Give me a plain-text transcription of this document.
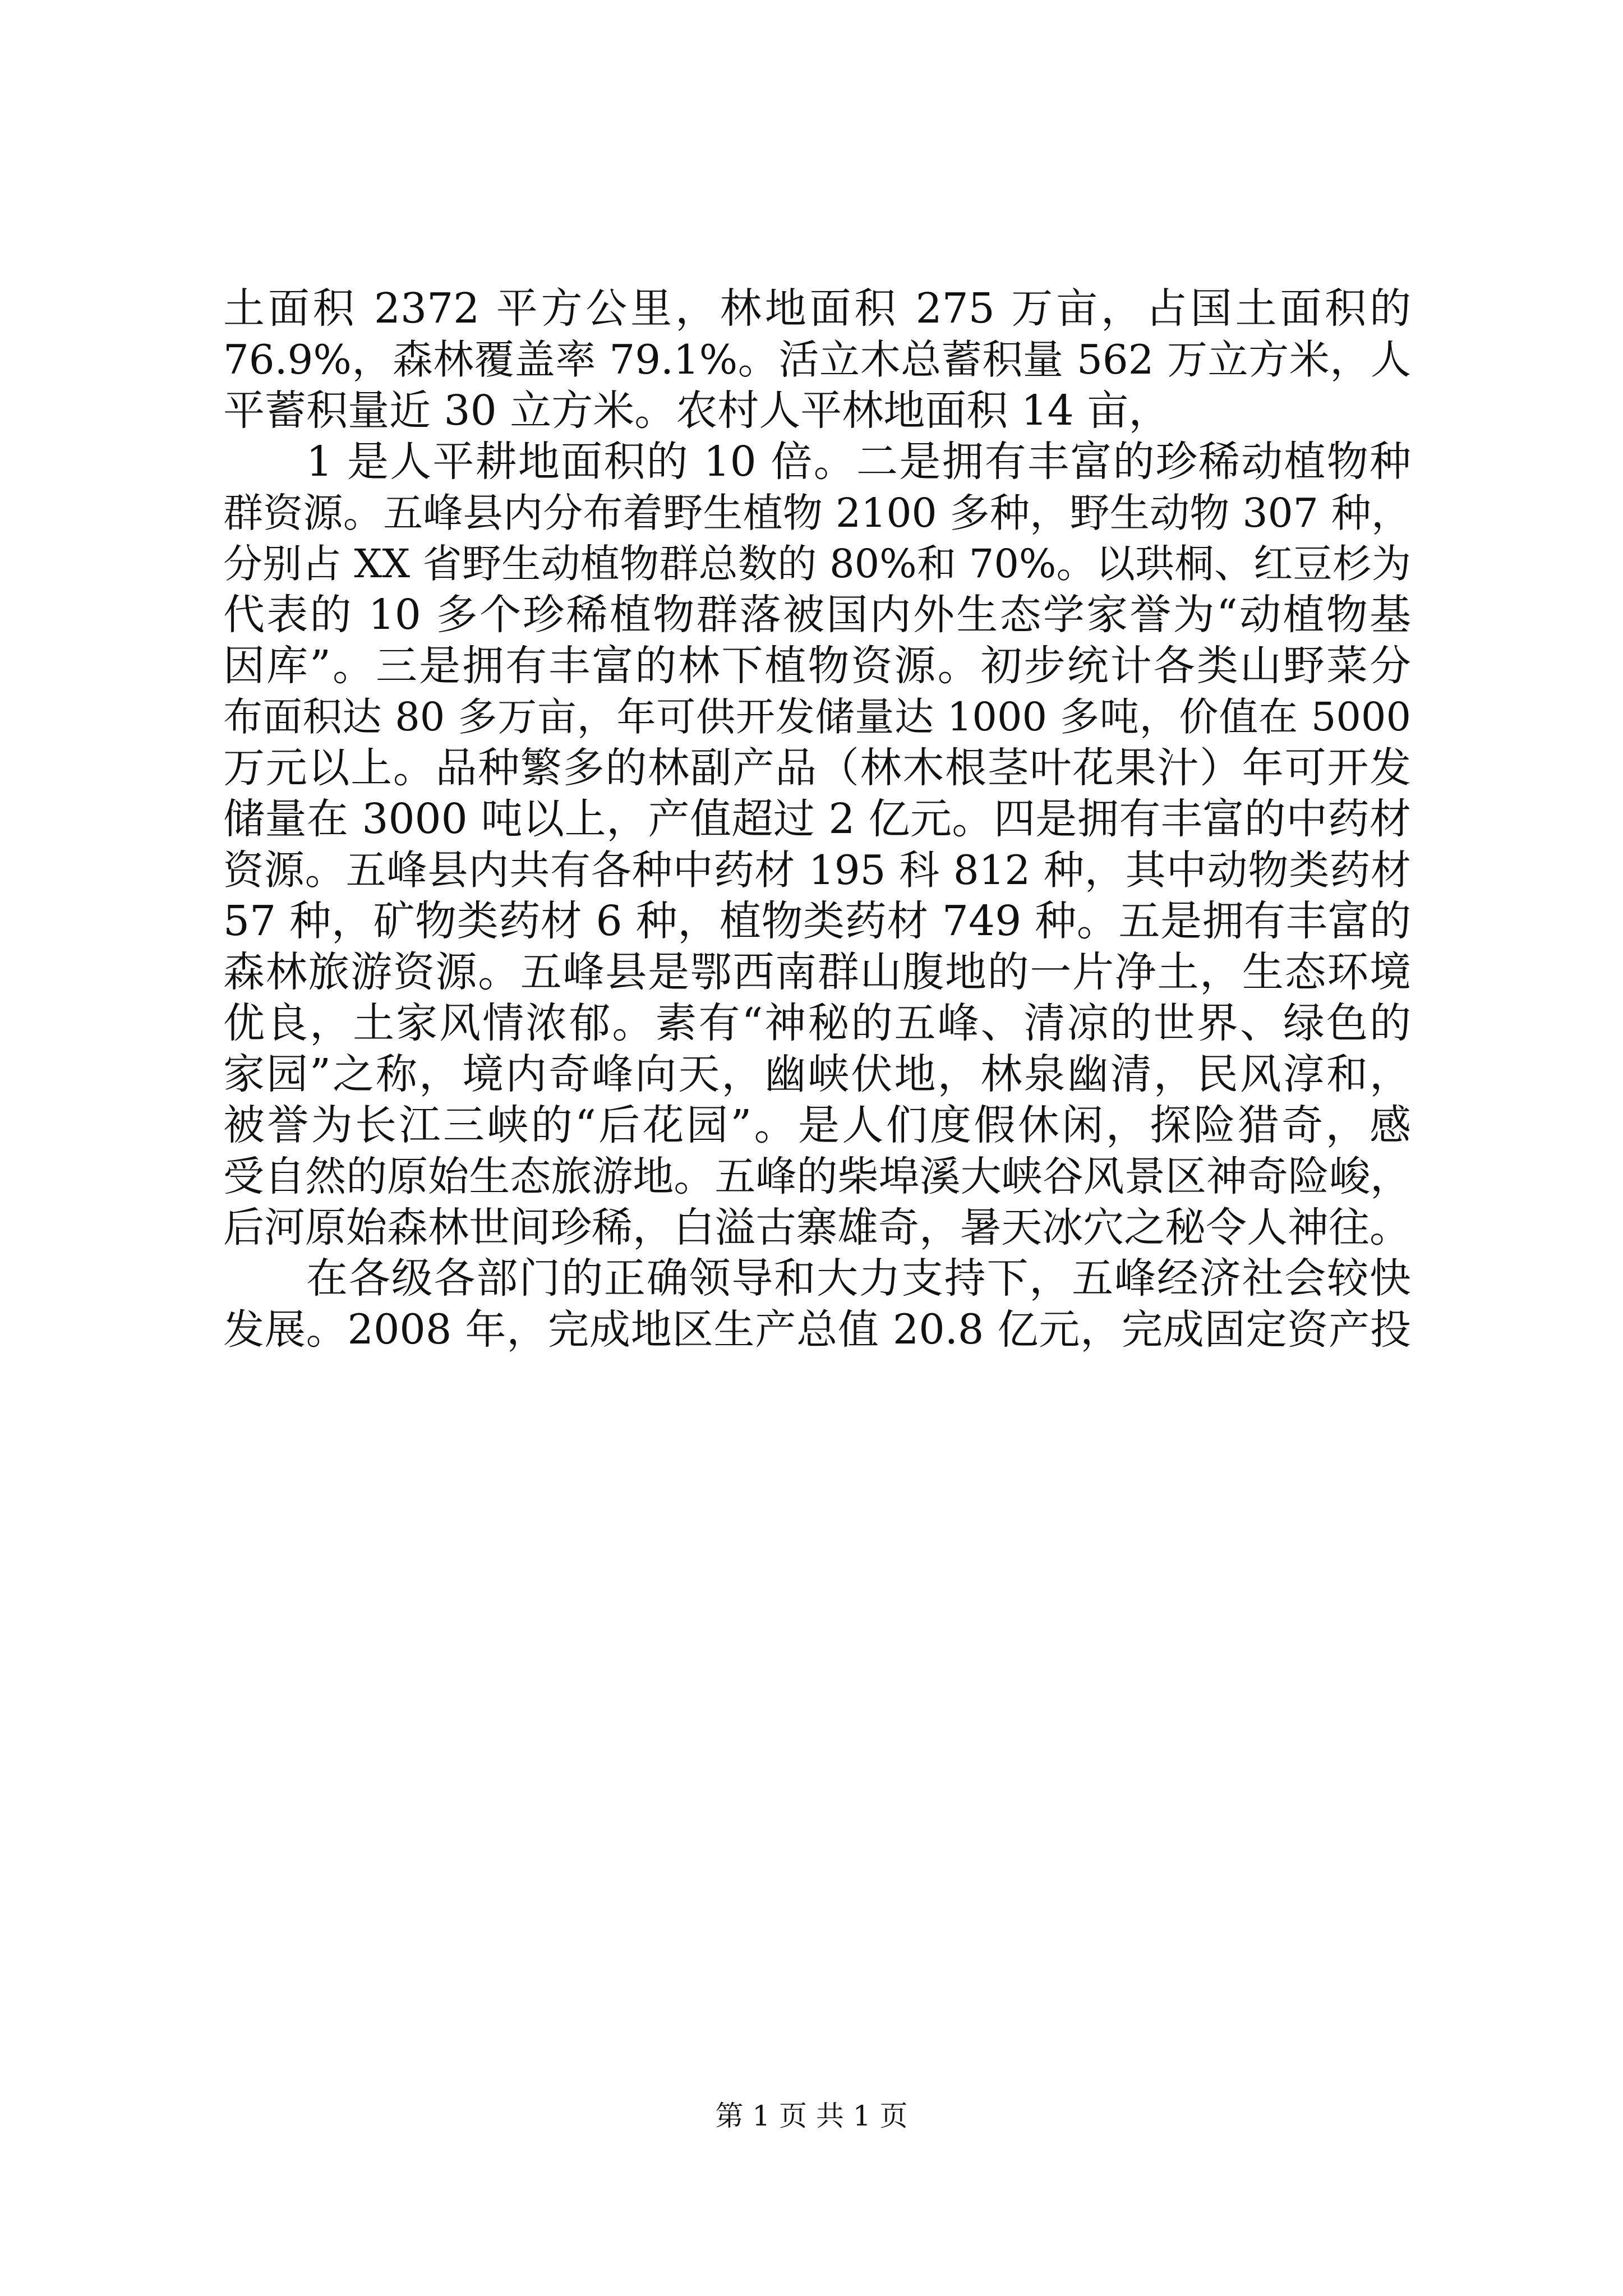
土面积 2372 平方公里，林地面积 275 万亩，占国土面积的
76.9%，森林覆盖率 79.1%。活立木总蓄积量 562 万立方米，人
平蓄积量近 30 立方米。农村人平林地面积 14 亩，
1 是人平耕地面积的 10 倍。二是拥有丰富的珍稀动植物种
群资源。五峰县内分布着野生植物 2100 多种，野生动物 307 种，
分别占 XX 省野生动植物群总数的 80%和 70%。以珙桐、红豆杉为
代表的 10 多个珍稀植物群落被国内外生态学家誉为“动植物基
因库”。三是拥有丰富的林下植物资源。初步统计各类山野菜分
布面积达 80 多万亩，年可供开发储量达 1000 多吨，价值在 5000
万元以上。品种繁多的林副产品（林木根茎叶花果汁）年可开发
储量在 3000 吨以上，产值超过 2 亿元。四是拥有丰富的中药材
资源。五峰县内共有各种中药材 195 科 812 种，其中动物类药材
57 种，矿物类药材 6 种，植物类药材 749 种。五是拥有丰富的
森林旅游资源。五峰县是鄂西南群山腹地的一片净土，生态环境
优良，土家风情浓郁。素有“神秘的五峰、清凉的世界、绿色的
家园”之称，境内奇峰向天，幽峡伏地，林泉幽清，民风淳和，
被誉为长江三峡的“后花园”。是人们度假休闲，探险猎奇，感
受自然的原始生态旅游地。五峰的柴埠溪大峡谷风景区神奇险峻，
后河原始森林世间珍稀，白溢古寨雄奇，暑天冰穴之秘令人神往。
在各级各部门的正确领导和大力支持下，五峰经济社会较快
发展。2008 年，完成地区生产总值 20.8 亿元，完成固定资产投
第 1 页 共 1 页
